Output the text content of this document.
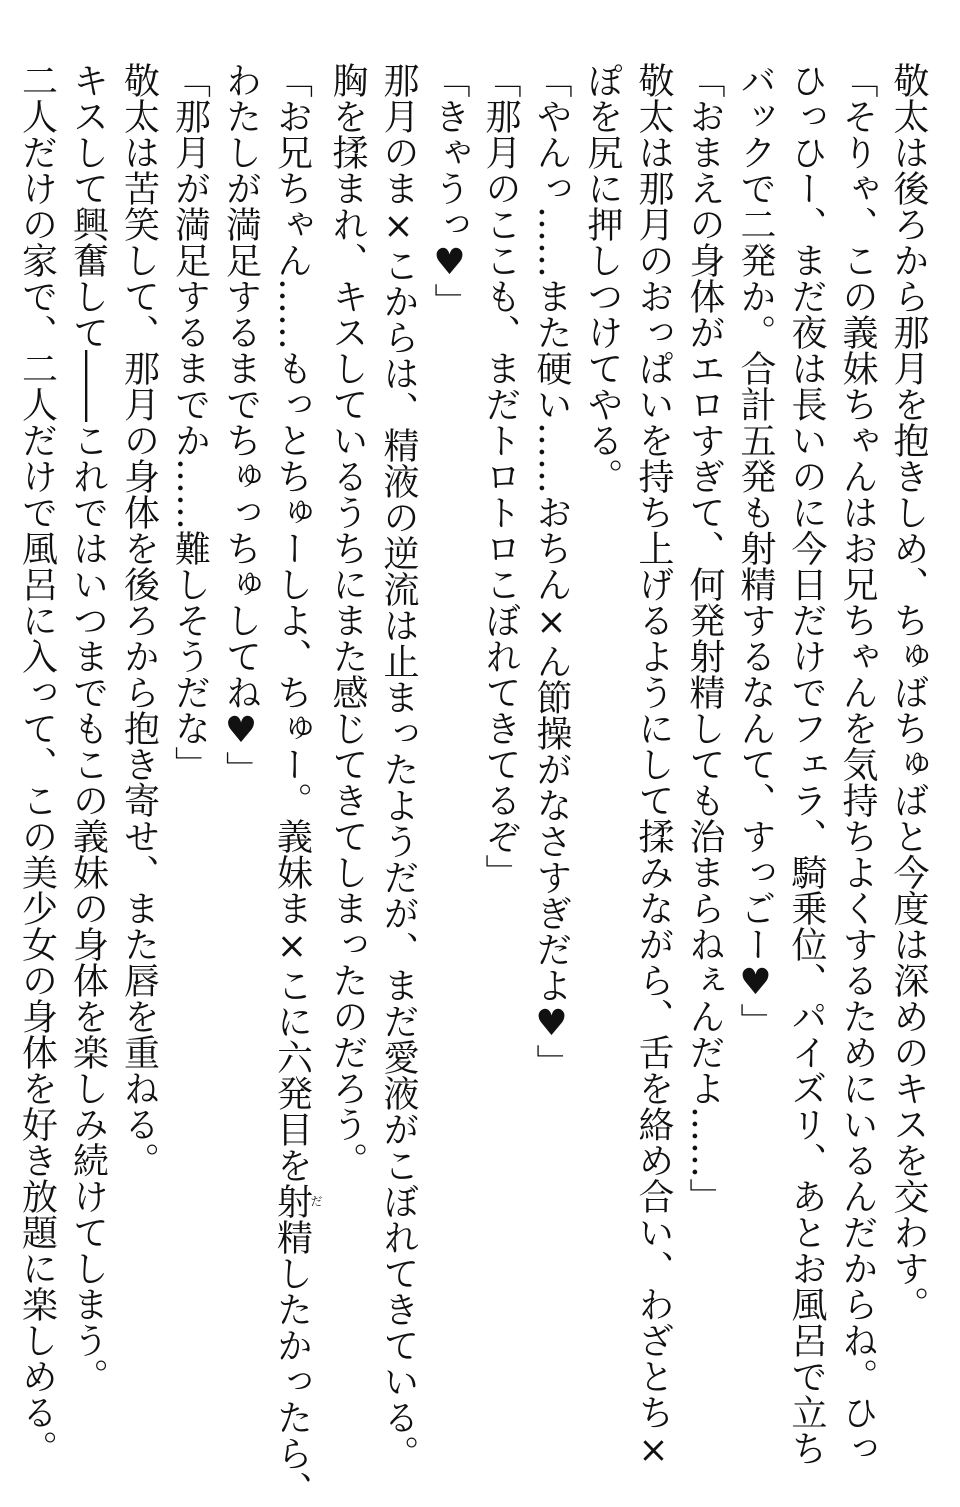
敬太は後ろから那月を抱きしめ、ちゅばちゅばと今度は深めのキスを交わす。
「そりゃ、この義妹ちゃんはお兄ちゃんを気持ちよくするためにいるんだからね。ひっ
ひっひー、まだ夜は長いのに今日だけでフェラ、騎乗位、パイズリ、あとお風呂で立ち
バックで二発か。合計五発も射精するなんて、すっごー♥」
「おまえの身体がエロすぎて、何発射精しても治まらねぇんだよ……」
敬太は那月のおっぱいを持ち上げるようにして揉みながら、舌を絡め合い、わざとち×
ぽを尻に押しつけてやる。
「やんっ……また硬い……おちん×ん節操がなさすぎだよ♥」
「那月のここも、まだトロトロこぼれてきてるぞ」
「きゃうっ♥」
那月のま×こからは、精液の逆流は止まったようだが、まだ愛液がこぼれてきている。
胸を揉まれ、キスしているうちにまた感じてきてしまったのだろう。
「お兄ちゃん……もっとちゅーしよ、ちゅー。義妹ま×こに六発目を射だ精したかったら、
わたしが満足するまでちゅっちゅしてね♥」
「那月が満足するまでか……難しそうだな」
敬太は苦笑して、那月の身体を後ろから抱き寄せ、また唇を重ねる。
キスして興奮して――これではいつまでもこの義妹の身体を楽しみ続けてしまう。
二人だけの家で、二人だけで風呂に入って、この美少女の身体を好き放題に楽しめる。
